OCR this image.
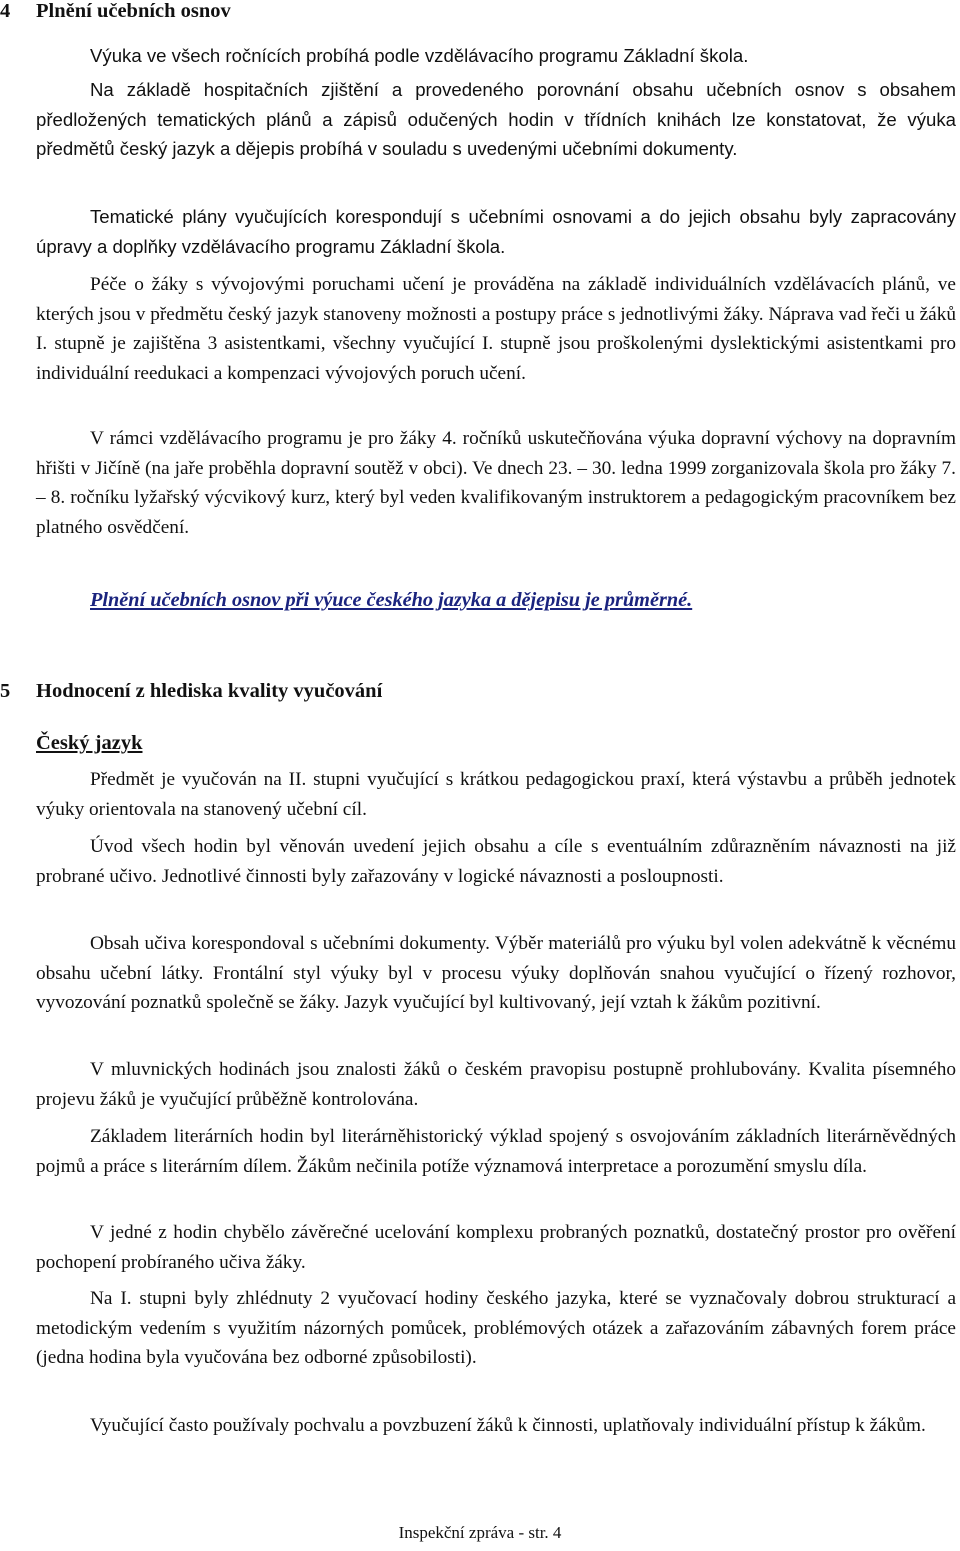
4 Plnění učebních osnov
Výuka ve všech ročnících probíhá podle vzdělávacího programu Základní škola.
Na základě hospitačních zjištění a provedeného porovnání obsahu učebních osnov s obsahem předložených tematických plánů a zápisů odučených hodin v třídních knihách lze konstatovat, že výuka předmětů český jazyk a dějepis probíhá v souladu s uvedenými učebními dokumenty.
Tematické plány vyučujících korespondují s učebními osnovami a do jejich obsahu byly zapracovány úpravy a doplňky vzdělávacího programu Základní škola.
Péče o žáky s vývojovými poruchami učení je prováděna na základě individuálních vzdělávacích plánů, ve kterých jsou v předmětu český jazyk stanoveny možnosti a postupy práce s jednotlivými žáky. Náprava vad řeči u žáků I. stupně je zajištěna 3 asistentkami, všechny vyučující I. stupně jsou proškolenými dyslektickými asistentkami pro individuální reedukaci a kompenzaci vývojových poruch učení.
V rámci vzdělávacího programu je pro žáky 4. ročníků uskutečňována výuka dopravní výchovy na dopravním hřišti v Jičíně (na jaře proběhla dopravní soutěž v obci). Ve dnech 23. – 30. ledna 1999 zorganizovala škola pro žáky 7. – 8. ročníku lyžařský výcvikový kurz, který byl veden kvalifikovaným instruktorem a pedagogickým pracovníkem bez platného osvědčení.
Plnění učebních osnov při výuce českého jazyka a dějepisu je průměrné.
5 Hodnocení z hlediska kvality vyučování
Český jazyk
Předmět je vyučován na II. stupni vyučující s krátkou pedagogickou praxí, která výstavbu a průběh jednotek výuky orientovala na stanovený učební cíl.
Úvod všech hodin byl věnován uvedení jejich obsahu a cíle s eventuálním zdůrazněním návaznosti na již probrané učivo. Jednotlivé činnosti byly zařazovány v logické návaznosti a posloupnosti.
Obsah učiva korespondoval s učebními dokumenty. Výběr materiálů pro výuku byl volen adekvátně k věcnému obsahu učební látky. Frontální styl výuky byl v procesu výuky doplňován snahou vyučující o řízený rozhovor, vyvozování poznatků společně se žáky. Jazyk vyučující byl kultivovaný, její vztah k žákům pozitivní.
V mluvnických hodinách jsou znalosti žáků o českém pravopisu postupně prohlubovány. Kvalita písemného projevu žáků je vyučující průběžně kontrolována.
Základem literárních hodin byl literárněhistorický výklad spojený s osvojováním základních literárněvědných pojmů a práce s literárním dílem. Žákům nečinila potíže významová interpretace a porozumění smyslu díla.
V jedné z hodin chybělo závěrečné ucelování komplexu probraných poznatků, dostatečný prostor pro ověření pochopení probíraného učiva žáky.
Na I. stupni byly zhlédnuty 2 vyučovací hodiny českého jazyka, které se vyznačovaly dobrou strukturací a metodickým vedením s využitím názorných pomůcek, problémových otázek a zařazováním zábavných forem práce (jedna hodina byla vyučována bez odborné způsobilosti).
Vyučující často používaly pochvalu a povzbuzení žáků k činnosti, uplatňovaly individuální přístup k žákům.
Inspekční zpráva - str. 4
